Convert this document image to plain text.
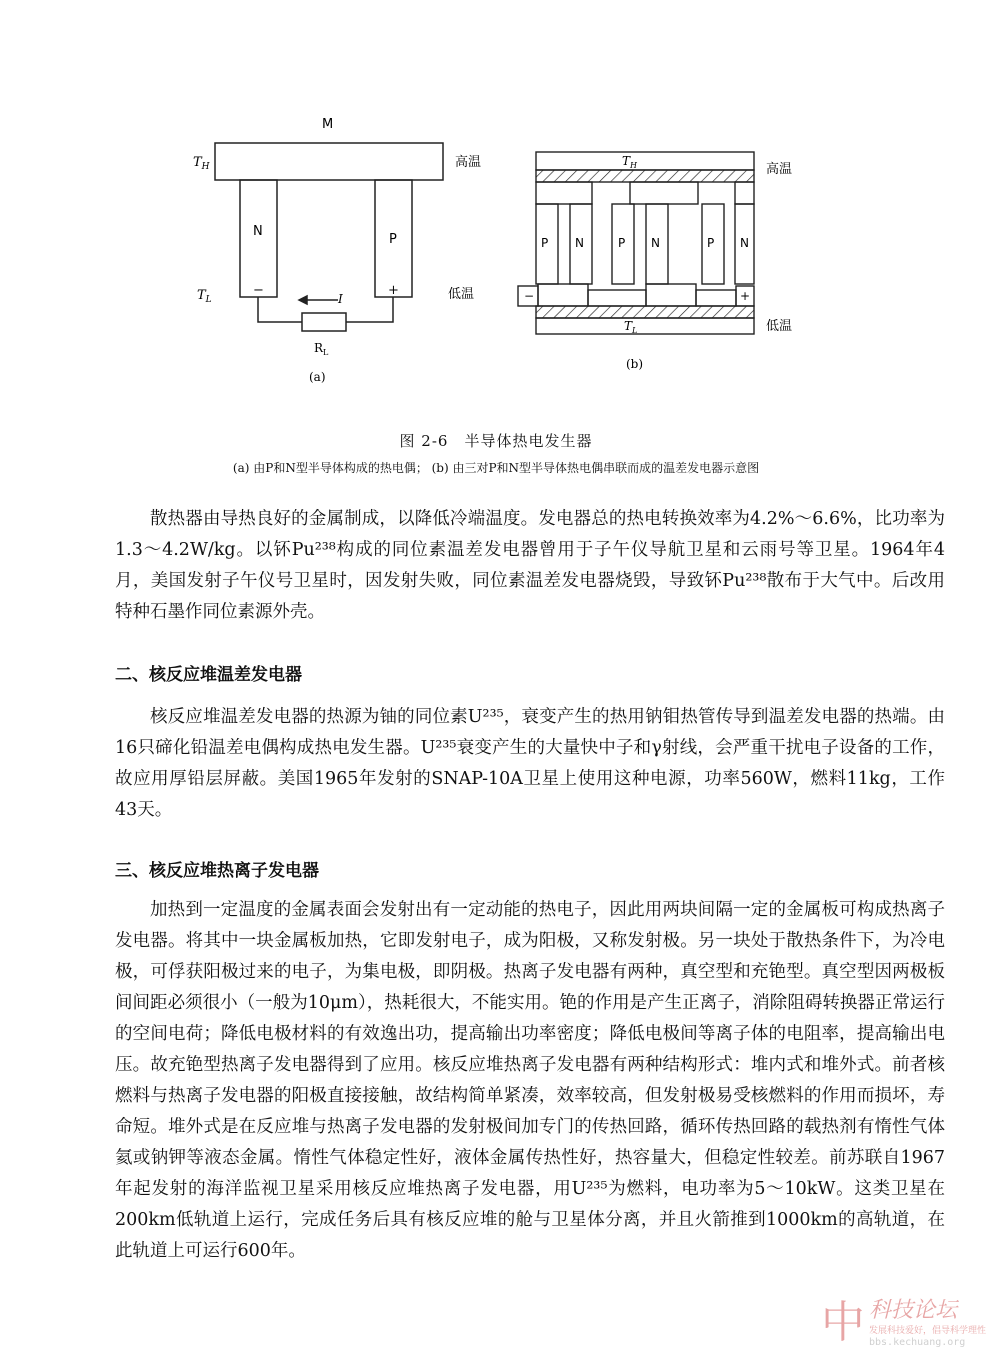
M
$T_H$	高温
N
P
$T_L$
−	+
I	低温
$R_L$
(a)
$T_H$	高温
P N	P N	P N
−	+
$T_L$	低温
(b)
图 2-6　半导体热电发生器
(a) 由P和N型半导体构成的热电偶； (b) 由三对P和N型半导体热电偶串联而成的温差发电器示意图

散热器由导热良好的金属制成，以降低冷端温度。发电器总的热电转换效率为4.2%～6.6%，比功率为1.3～4.2W/kg。以钚Pu²³⁸构成的同位素温差发电器曾用于子午仪导航卫星和云雨号等卫星。1964年4月，美国发射子午仪号卫星时，因发射失败，同位素温差发电器烧毁，导致钚Pu²³⁸散布于大气中。后改用特种石墨作同位素源外壳。

二、核反应堆温差发电器

核反应堆温差发电器的热源为铀的同位素U²³⁵，衰变产生的热用钠钼热管传导到温差发电器的热端。由16只碲化铅温差电偶构成热电发生器。U²³⁵衰变产生的大量快中子和γ射线，会严重干扰电子设备的工作，故应用厚铅层屏蔽。美国1965年发射的SNAP-10A卫星上使用这种电源，功率560W，燃料11kg，工作43天。

三、核反应堆热离子发电器

加热到一定温度的金属表面会发射出有一定动能的热电子，因此用两块间隔一定的金属板可构成热离子发电器。将其中一块金属板加热，它即发射电子，成为阳极，又称发射极。另一块处于散热条件下，为冷电极，可俘获阳极过来的电子，为集电极，即阴极。热离子发电器有两种，真空型和充铯型。真空型因两极板间间距必须很小（一般为10μm），热耗很大，不能实用。铯的作用是产生正离子，消除阻碍转换器正常运行的空间电荷；降低电极材料的有效逸出功，提高输出功率密度；降低电极间等离子体的电阻率，提高输出电压。故充铯型热离子发电器得到了应用。核反应堆热离子发电器有两种结构形式：堆内式和堆外式。前者核燃料与热离子发电器的阳极直接接触，故结构简单紧凑，效率较高，但发射极易受核燃料的作用而损坏，寿命短。堆外式是在反应堆与热离子发电器的发射极间加专门的传热回路，循环传热回路的载热剂有惰性气体氦或钠钾等液态金属。惰性气体稳定性好，液体金属传热性好，热容量大，但稳定性较差。前苏联自1967年起发射的海洋监视卫星采用核反应堆热离子发电器，用U²³⁵为燃料，电功率为5～10kW。这类卫星在200km低轨道上运行，完成任务后具有核反应堆的舱与卫星体分离，并且火箭推到1000km的高轨道，在此轨道上可运行600年。

中 科技论坛
发展科技爱好，倡导科学理性
bbs.kechuang.org
